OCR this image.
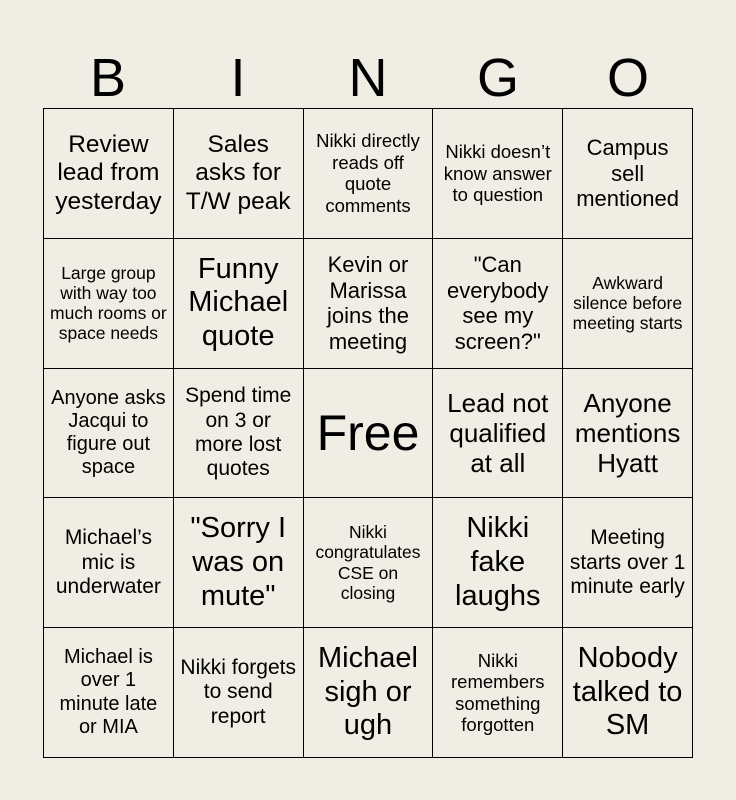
B	I	N	G	O
Review lead from yesterday
Sales asks for T/W peak
Nikki directly reads off quote comments
Nikki doesn’t know answer to question
Campus sell mentioned
Large group with way too much rooms or space needs
Funny Michael quote
Kevin or Marissa joins the meeting
"Can everybody see my screen?"
Awkward silence before meeting starts
Anyone asks Jacqui to figure out space
Spend time on 3 or more lost quotes
Free
Lead not qualified at all
Anyone mentions Hyatt
Michael’s mic is underwater
"Sorry I was on mute"
Nikki congratulates CSE on closing
Nikki fake laughs
Meeting starts over 1 minute early
Michael is over 1 minute late or MIA
Nikki forgets to send report
Michael sigh or ugh
Nikki remembers something forgotten
Nobody talked to SM
